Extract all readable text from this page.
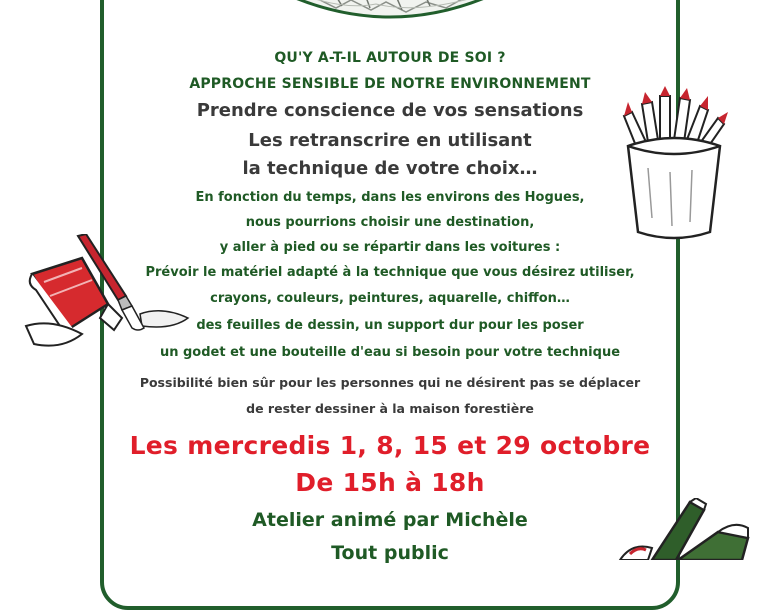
QU'Y A-T-IL AUTOUR DE SOI ?
APPROCHE SENSIBLE DE NOTRE ENVIRONNEMENT
Prendre conscience de vos sensations
Les retranscrire en utilisant
la technique de votre choix…
En fonction du temps, dans les environs des Hogues,
nous pourrions choisir une destination,
y aller à pied ou se répartir dans les voitures :
Prévoir le matériel adapté à la technique que vous désirez utiliser,
crayons, couleurs, peintures, aquarelle, chiffon…
des feuilles de dessin, un support dur pour les poser
un godet et une bouteille d'eau si besoin pour votre technique
Possibilité bien sûr pour les personnes qui ne désirent pas se déplacer
de rester dessiner à la maison forestière
Les mercredis 1, 8, 15 et 29 octobre
De 15h à 18h
Atelier animé par Michèle
Tout public
